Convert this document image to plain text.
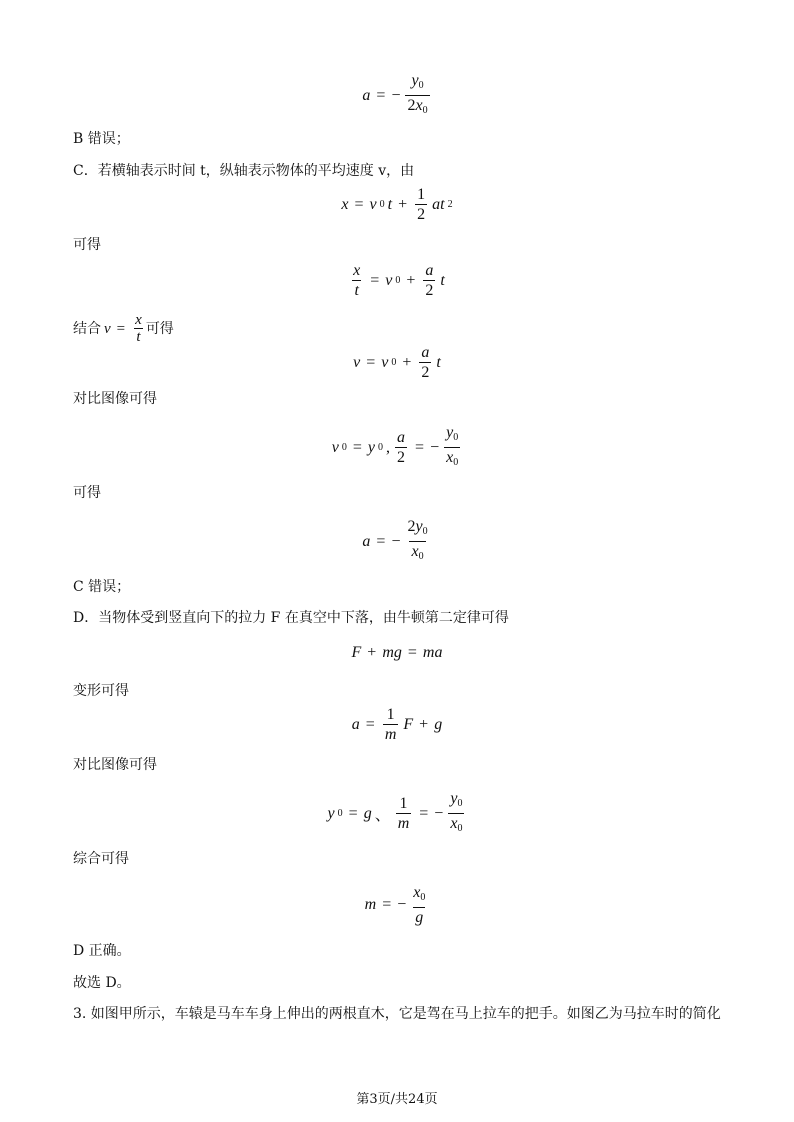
a = − $\frac{y_0}{2x_0}$
B 错误；
C．若横轴表示时间 t，纵轴表示物体的平均速度 v，由
x = v 0 $t + \frac{1}{2}$ at 2
可得
$\frac{x}{t} = v$ $0 + \frac{a}{2}$ t
结合 $v = \frac{x}{t}$ 可得
v = v $0 + \frac{a}{2}$ t
对比图像可得
v 0 = y 0 , $\frac{a}{2}$ = − $\frac{y_0}{x_0}$
可得
a = − $\frac{2y_0}{x_0}$
C 错误；
D．当物体受到竖直向下的拉力 F 在真空中下落，由牛顿第二定律可得
F + mg = ma
变形可得
$a = \frac{1}{m}$ F + g
对比图像可得
y 0 = g 、 $\frac{1}{m}$ = − $\frac{y_0}{x_0}$
综合可得
m = − $\frac{x_0}{g}$
D 正确。
故选 D。
3. 如图甲所示，车辕是马车车身上伸出的两根直木，它是驾在马上拉车的把手。如图乙为马拉车时的简化
第3页/共24页
